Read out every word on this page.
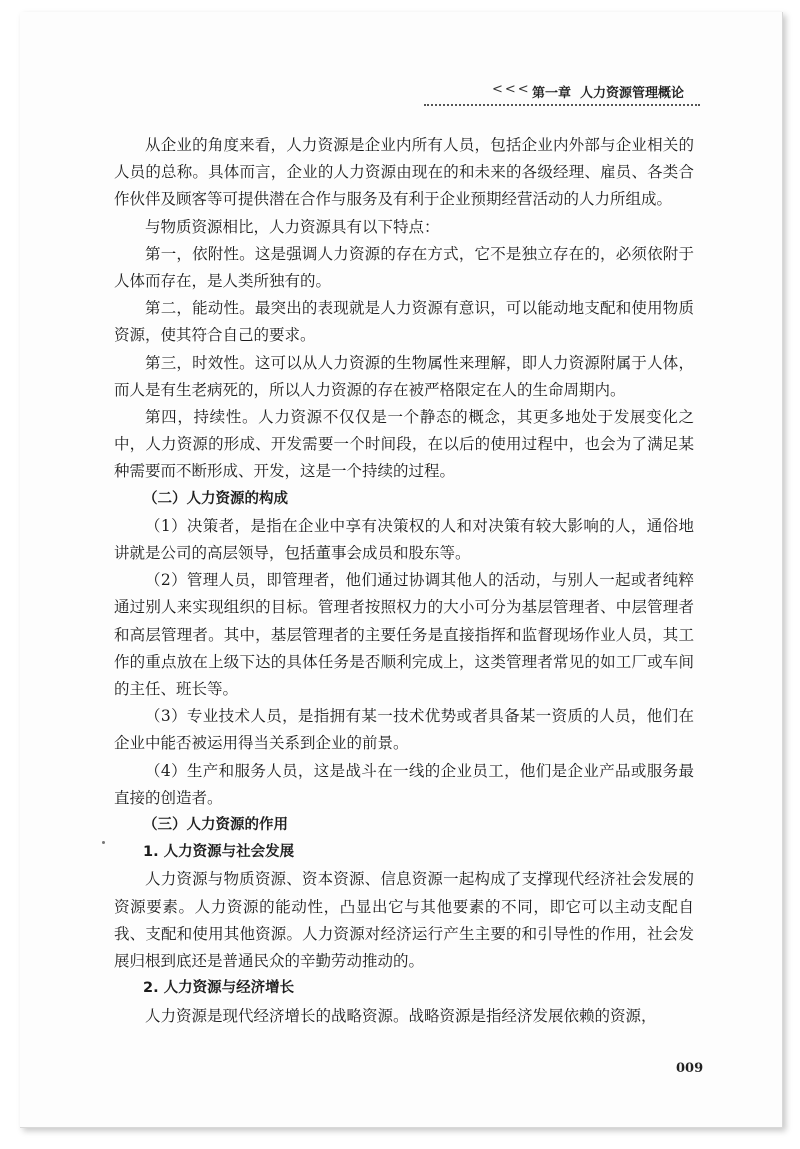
<<< 第一章 人力资源管理概论

从企业的角度来看，人力资源是企业内所有人员，包括企业内外部与企业相关的人员的总称。具体而言，企业的人力资源由现在的和未来的各级经理、雇员、各类合作伙伴及顾客等可提供潜在合作与服务及有利于企业预期经营活动的人力所组成。

与物质资源相比，人力资源具有以下特点：

第一，依附性。这是强调人力资源的存在方式，它不是独立存在的，必须依附于人体而存在，是人类所独有的。

第二，能动性。最突出的表现就是人力资源有意识，可以能动地支配和使用物质资源，使其符合自己的要求。

第三，时效性。这可以从人力资源的生物属性来理解，即人力资源附属于人体，而人是有生老病死的，所以人力资源的存在被严格限定在人的生命周期内。

第四，持续性。人力资源不仅仅是一个静态的概念，其更多地处于发展变化之中，人力资源的形成、开发需要一个时间段，在以后的使用过程中，也会为了满足某种需要而不断形成、开发，这是一个持续的过程。

（二）人力资源的构成

（1）决策者，是指在企业中享有决策权的人和对决策有较大影响的人，通俗地讲就是公司的高层领导，包括董事会成员和股东等。

（2）管理人员，即管理者，他们通过协调其他人的活动，与别人一起或者纯粹通过别人来实现组织的目标。管理者按照权力的大小可分为基层管理者、中层管理者和高层管理者。其中，基层管理者的主要任务是直接指挥和监督现场作业人员，其工作的重点放在上级下达的具体任务是否顺利完成上，这类管理者常见的如工厂或车间的主任、班长等。

（3）专业技术人员，是指拥有某一技术优势或者具备某一资质的人员，他们在企业中能否被运用得当关系到企业的前景。

（4）生产和服务人员，这是战斗在一线的企业员工，他们是企业产品或服务最直接的创造者。

（三）人力资源的作用

1. 人力资源与社会发展

人力资源与物质资源、资本资源、信息资源一起构成了支撑现代经济社会发展的资源要素。人力资源的能动性，凸显出它与其他要素的不同，即它可以主动支配自我、支配和使用其他资源。人力资源对经济运行产生主要的和引导性的作用，社会发展归根到底还是普通民众的辛勤劳动推动的。

2. 人力资源与经济增长

人力资源是现代经济增长的战略资源。战略资源是指经济发展依赖的资源，

009
